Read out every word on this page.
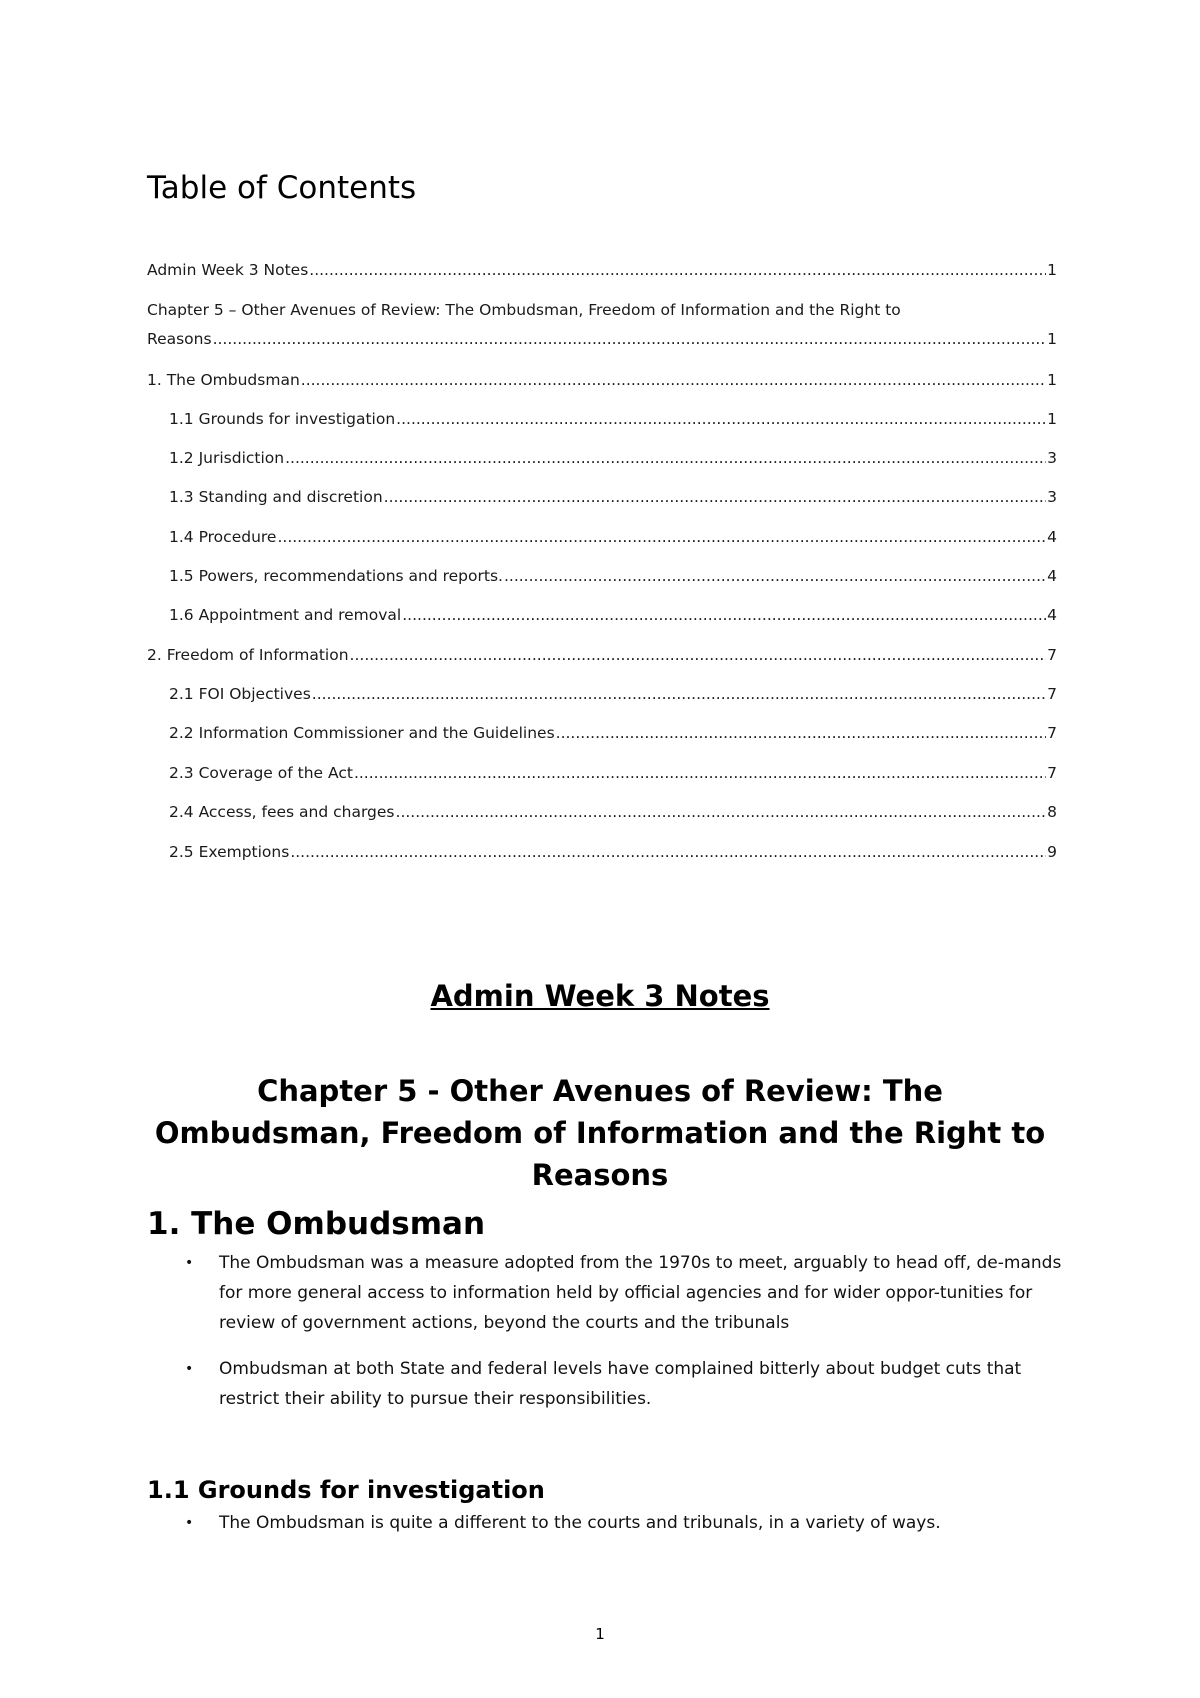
Table of Contents
Admin Week 3 Notes .....	1
Chapter 5 – Other Avenues of Review: The Ombudsman, Freedom of Information and the Right to
Reasons .....	1
1. The Ombudsman .....	1
1.1 Grounds for investigation .....	1
1.2 Jurisdiction .....	3
1.3 Standing and discretion .....	3
1.4 Procedure .....	4
1.5 Powers, recommendations and reports. .....	4
1.6 Appointment and removal .....	4
2. Freedom of Information .....	7
2.1 FOI Objectives .....	7
2.2 Information Commissioner and the Guidelines .....	7
2.3 Coverage of the Act .....	7
2.4 Access, fees and charges .....	8
2.5 Exemptions .....	9
Admin Week 3 Notes
Chapter 5 - Other Avenues of Review: The Ombudsman, Freedom of Information and the Right to Reasons
1. The Ombudsman
• The Ombudsman was a measure adopted from the 1970s to meet, arguably to head off, de-mands for more general access to information held by official agencies and for wider oppor-tunities for review of government actions, beyond the courts and the tribunals
• Ombudsman at both State and federal levels have complained bitterly about budget cuts that restrict their ability to pursue their responsibilities.
1.1 Grounds for investigation
• The Ombudsman is quite a different to the courts and tribunals, in a variety of ways.
1
